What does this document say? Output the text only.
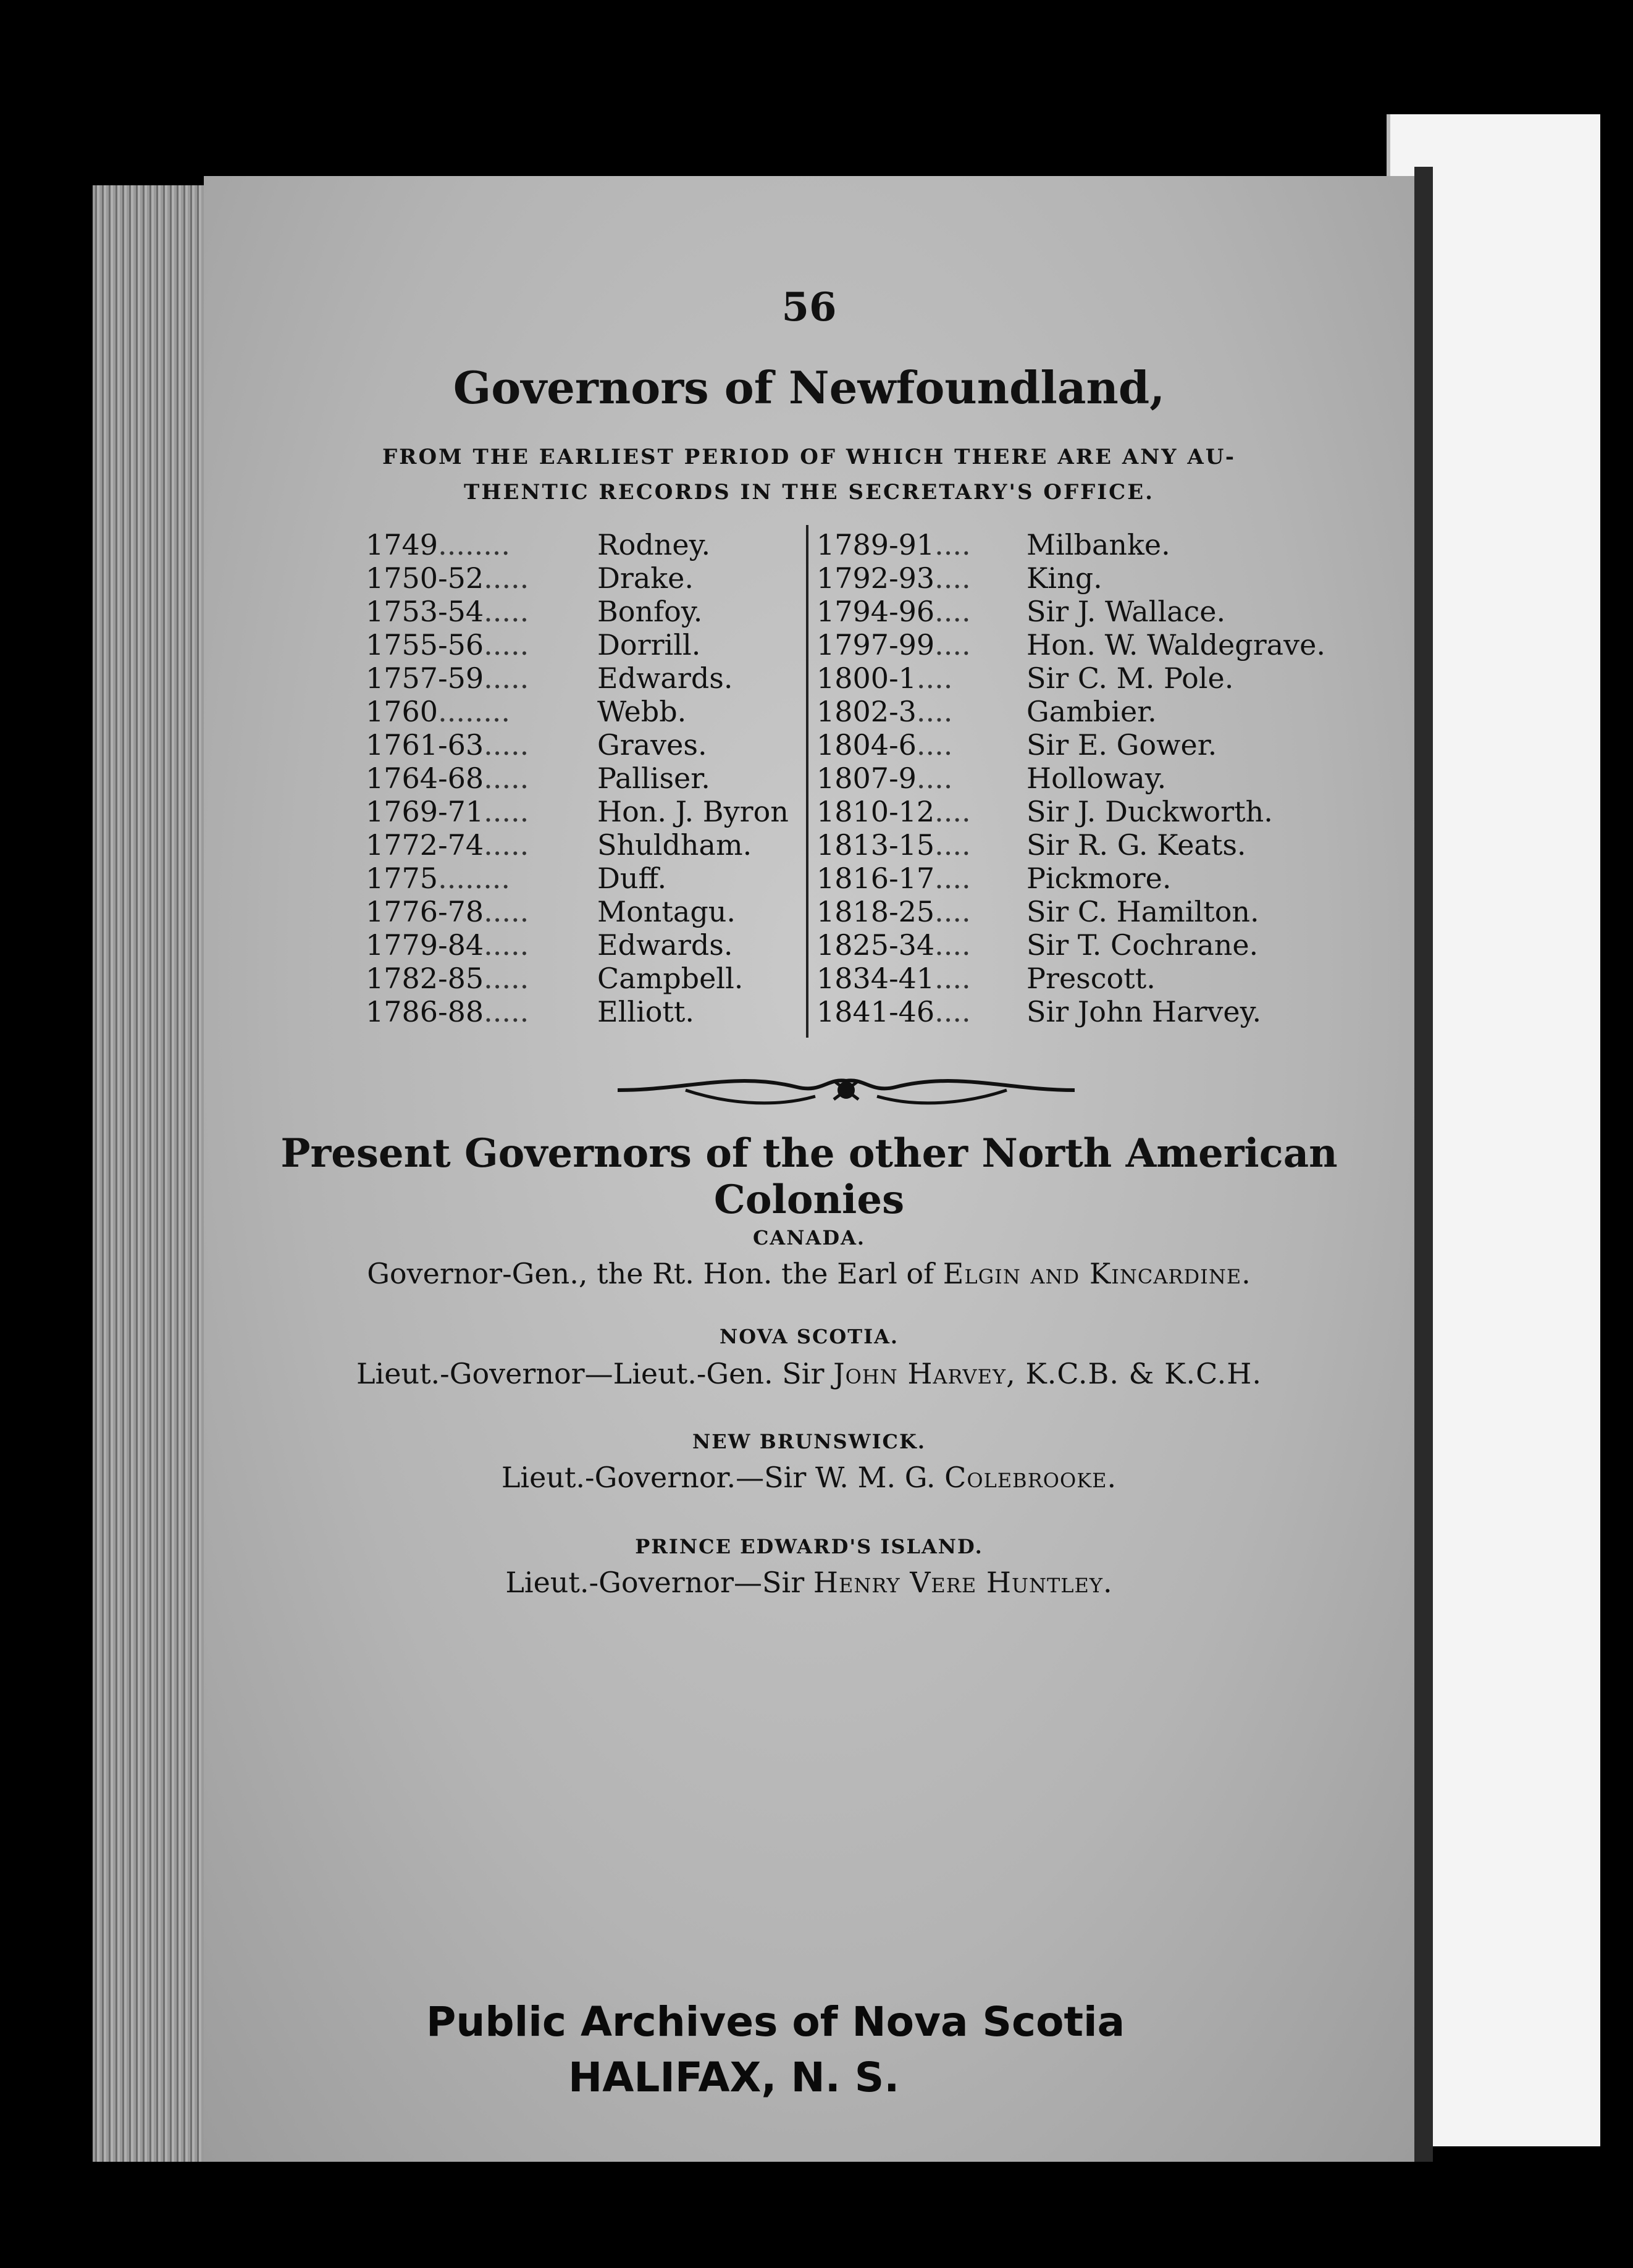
56
Governors of Newfoundland,
FROM THE EARLIEST PERIOD OF WHICH THERE ARE ANY AU-
THENTIC RECORDS IN THE SECRETARY'S OFFICE.
1749........	Rodney.
1750-52.....	Drake.
1753-54.....	Bonfoy.
1755-56.....	Dorrill.
1757-59.....	Edwards.
1760........	Webb.
1761-63.....	Graves.
1764-68.....	Palliser.
1769-71.....	Hon. J. Byron
1772-74.....	Shuldham.
1775........	Duff.
1776-78.....	Montagu.
1779-84.....	Edwards.
1782-85.....	Campbell.
1786-88.....	Elliott.
1789-91....	Milbanke.
1792-93....	King.
1794-96....	Sir J. Wallace.
1797-99....	Hon. W. Waldegrave.
1800-1....	Sir C. M. Pole.
1802-3....	Gambier.
1804-6....	Sir E. Gower.
1807-9....	Holloway.
1810-12....	Sir J. Duckworth.
1813-15....	Sir R. G. Keats.
1816-17....	Pickmore.
1818-25....	Sir C. Hamilton.
1825-34....	Sir T. Cochrane.
1834-41....	Prescott.
1841-46....	Sir John Harvey.
Present Governors of the other North American Colonies
CANADA.
Governor-Gen., the Rt. Hon. the Earl of Elgin and Kincardine.
NOVA SCOTIA.
Lieut.-Governor—Lieut.-Gen. Sir John Harvey, K.C.B. & K.C.H.
NEW BRUNSWICK.
Lieut.-Governor.—Sir W. M. G. Colebrooke.
PRINCE EDWARD'S ISLAND.
Lieut.-Governor—Sir Henry Vere Huntley.
Public Archives of Nova Scotia
HALIFAX, N. S.
